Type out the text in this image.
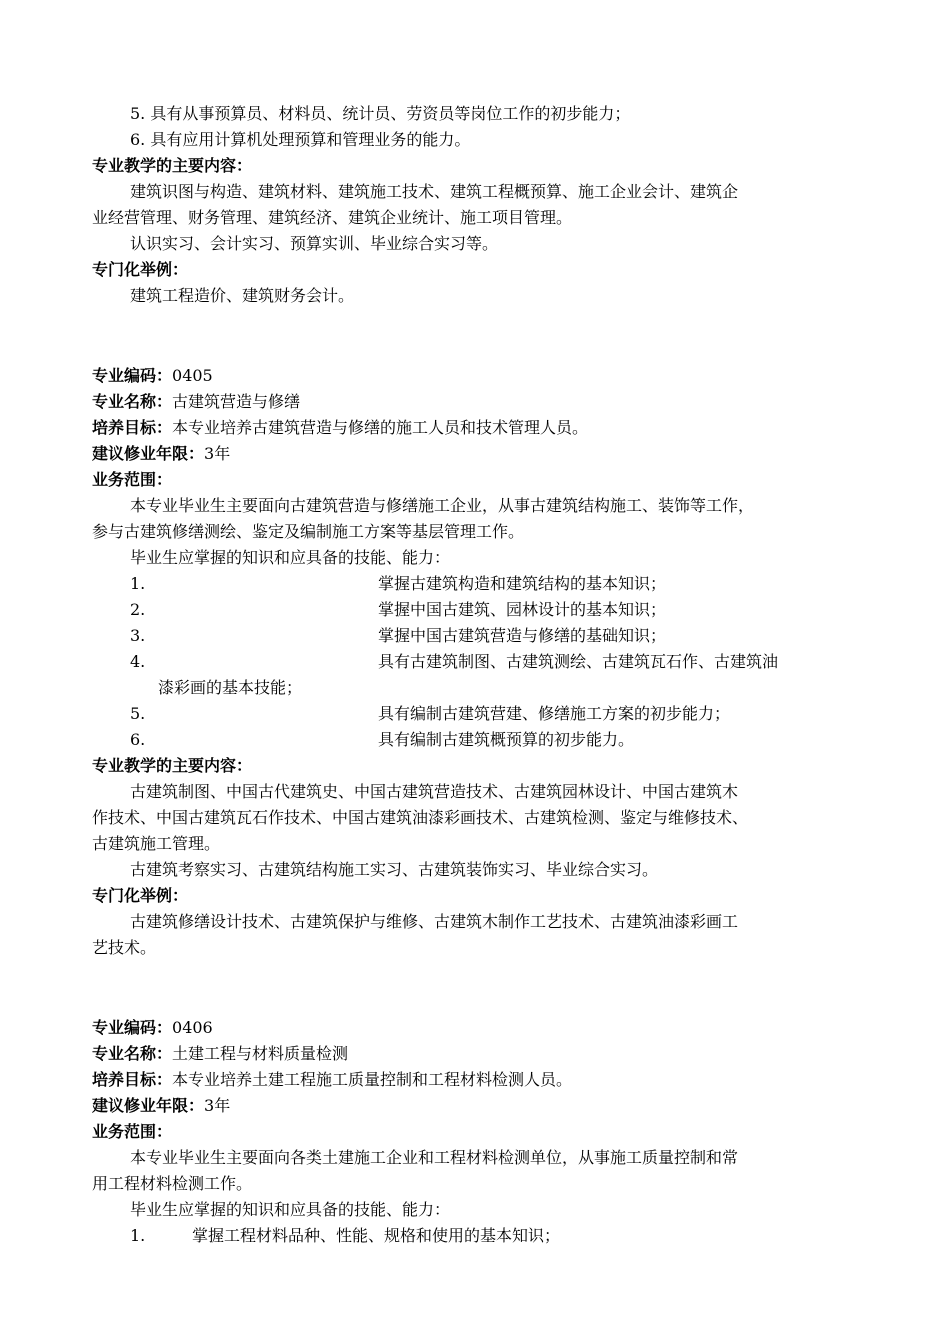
5. 具有从事预算员、材料员、统计员、劳资员等岗位工作的初步能力；
6. 具有应用计算机处理预算和管理业务的能力。
专业教学的主要内容：
建筑识图与构造、建筑材料、建筑施工技术、建筑工程概预算、施工企业会计、建筑企
业经营管理、财务管理、建筑经济、建筑企业统计、施工项目管理。
认识实习、会计实习、预算实训、毕业综合实习等。
专门化举例：
建筑工程造价、建筑财务会计。
专业编码：0405
专业名称：古建筑营造与修缮
培养目标：本专业培养古建筑营造与修缮的施工人员和技术管理人员。
建议修业年限：3年
业务范围：
本专业毕业生主要面向古建筑营造与修缮施工企业，从事古建筑结构施工、装饰等工作，
参与古建筑修缮测绘、鉴定及编制施工方案等基层管理工作。
毕业生应掌握的知识和应具备的技能、能力：
1.	掌握古建筑构造和建筑结构的基本知识；
2.	掌握中国古建筑、园林设计的基本知识；
3.	掌握中国古建筑营造与修缮的基础知识；
4.	具有古建筑制图、古建筑测绘、古建筑瓦石作、古建筑油
漆彩画的基本技能；
5.	具有编制古建筑营建、修缮施工方案的初步能力；
6.	具有编制古建筑概预算的初步能力。
专业教学的主要内容：
古建筑制图、中国古代建筑史、中国古建筑营造技术、古建筑园林设计、中国古建筑木
作技术、中国古建筑瓦石作技术、中国古建筑油漆彩画技术、古建筑检测、鉴定与维修技术、
古建筑施工管理。
古建筑考察实习、古建筑结构施工实习、古建筑装饰实习、毕业综合实习。
专门化举例：
古建筑修缮设计技术、古建筑保护与维修、古建筑木制作工艺技术、古建筑油漆彩画工
艺技术。
专业编码：0406
专业名称：土建工程与材料质量检测
培养目标：本专业培养土建工程施工质量控制和工程材料检测人员。
建议修业年限：3年
业务范围：
本专业毕业生主要面向各类土建施工企业和工程材料检测单位，从事施工质量控制和常
用工程材料检测工作。
毕业生应掌握的知识和应具备的技能、能力：
1.	掌握工程材料品种、性能、规格和使用的基本知识；
